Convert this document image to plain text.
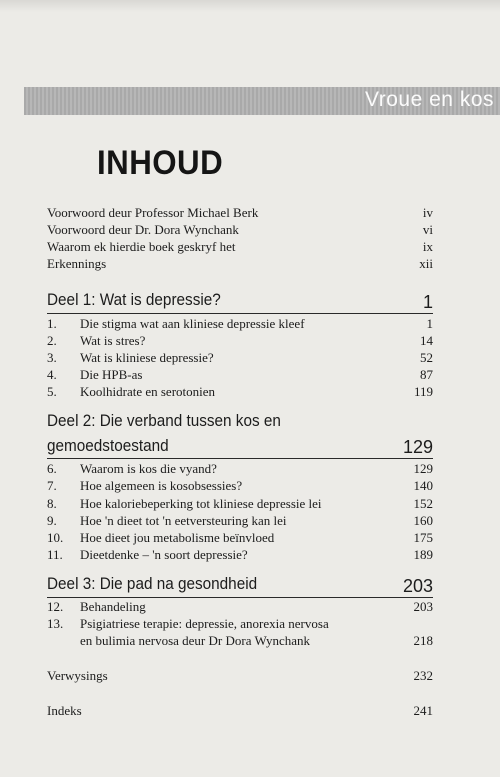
Vroue en kos
INHOUD
Voorwoord deur Professor Michael Berk	iv
Voorwoord deur Dr. Dora Wynchank	vi
Waarom ek hierdie boek geskryf het	ix
Erkennings	xii
Deel 1: Wat is depressie?	1
1. Die stigma wat aan kliniese depressie kleef	1
2. Wat is stres?	14
3. Wat is kliniese depressie?	52
4. Die HPB-as	87
5. Koolhidrate en serotonien	119
Deel 2: Die verband tussen kos en
gemoedstoestand	129
6. Waarom is kos die vyand?	129
7. Hoe algemeen is kosobsessies?	140
8. Hoe kaloriebeperking tot kliniese depressie lei	152
9. Hoe 'n dieet tot 'n eetversteuring kan lei	160
10. Hoe dieet jou metabolisme beïnvloed	175
11. Dieetdenke – 'n soort depressie?	189
Deel 3: Die pad na gesondheid	203
12. Behandeling	203
13. Psigiatriese terapie: depressie, anorexia nervosa
en bulimia nervosa deur Dr Dora Wynchank	218
Verwysings	232
Indeks	241
